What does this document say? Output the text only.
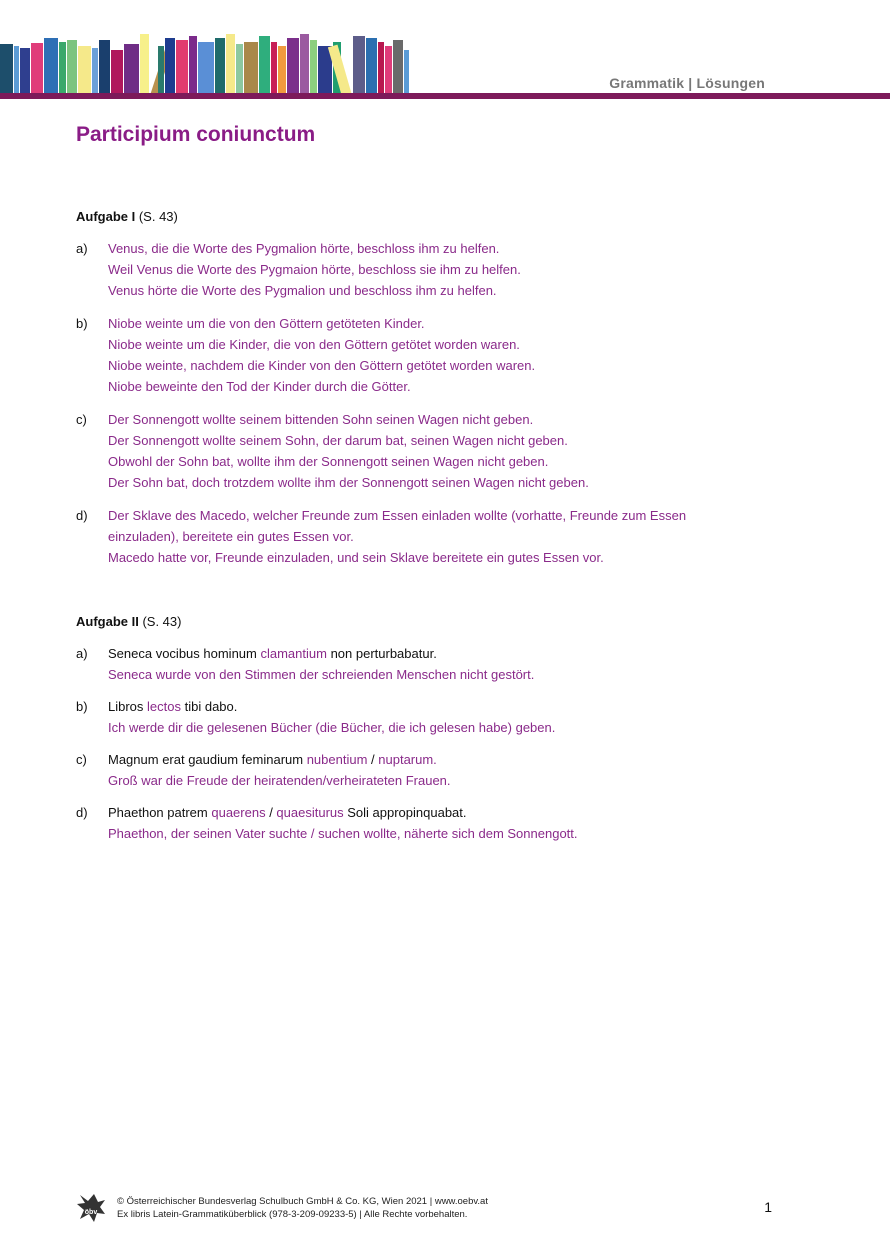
Grammatik | Lösungen
Participium coniunctum

Aufgabe I (S. 43)

a) Venus, die die Worte des Pygmalion hörte, beschloss ihm zu helfen.
Weil Venus die Worte des Pygmaion hörte, beschloss sie ihm zu helfen.
Venus hörte die Worte des Pygmalion und beschloss ihm zu helfen.
b) Niobe weinte um die von den Göttern getöteten Kinder.
Niobe weinte um die Kinder, die von den Göttern getötet worden waren.
Niobe weinte, nachdem die Kinder von den Göttern getötet worden waren.
Niobe beweinte den Tod der Kinder durch die Götter.
c) Der Sonnengott wollte seinem bittenden Sohn seinen Wagen nicht geben.
Der Sonnengott wollte seinem Sohn, der darum bat, seinen Wagen nicht geben.
Obwohl der Sohn bat, wollte ihm der Sonnengott seinen Wagen nicht geben.
Der Sohn bat, doch trotzdem wollte ihm der Sonnengott seinen Wagen nicht geben.
d) Der Sklave des Macedo, welcher Freunde zum Essen einladen wollte (vorhatte, Freunde zum Essen
einzuladen), bereitete ein gutes Essen vor.
Macedo hatte vor, Freunde einzuladen, und sein Sklave bereitete ein gutes Essen vor.

Aufgabe II (S. 43)

a) Seneca vocibus hominum clamantium non perturbabatur.
Seneca wurde von den Stimmen der schreienden Menschen nicht gestört.
b) Libros lectos tibi dabo.
Ich werde dir die gelesenen Bücher (die Bücher, die ich gelesen habe) geben.
c) Magnum erat gaudium feminarum nubentium / nuptarum.
Groß war die Freude der heiratenden/verheirateten Frauen.
d) Phaethon patrem quaerens / quaesiturus Soli appropinquabat.
Phaethon, der seinen Vater suchte / suchen wollte, näherte sich dem Sonnengott.
öbv
© Österreichischer Bundesverlag Schulbuch GmbH & Co. KG, Wien 2021 | www.oebv.at
Ex libris Latein-Grammatiküberblick (978-3-209-09233-5) | Alle Rechte vorbehalten.	1
